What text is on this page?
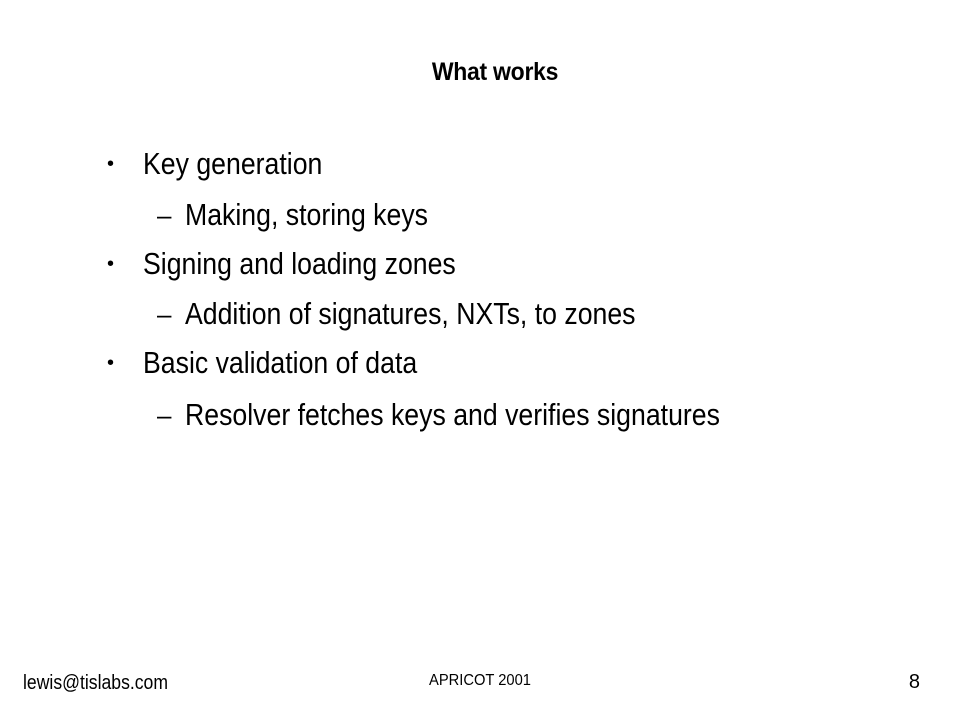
What works
• Key generation
– Making, storing keys
• Signing and loading zones
– Addition of signatures, NXTs, to zones
• Basic validation of data
– Resolver fetches keys and verifies signatures
lewis@tislabs.com	APRICOT 2001	8
